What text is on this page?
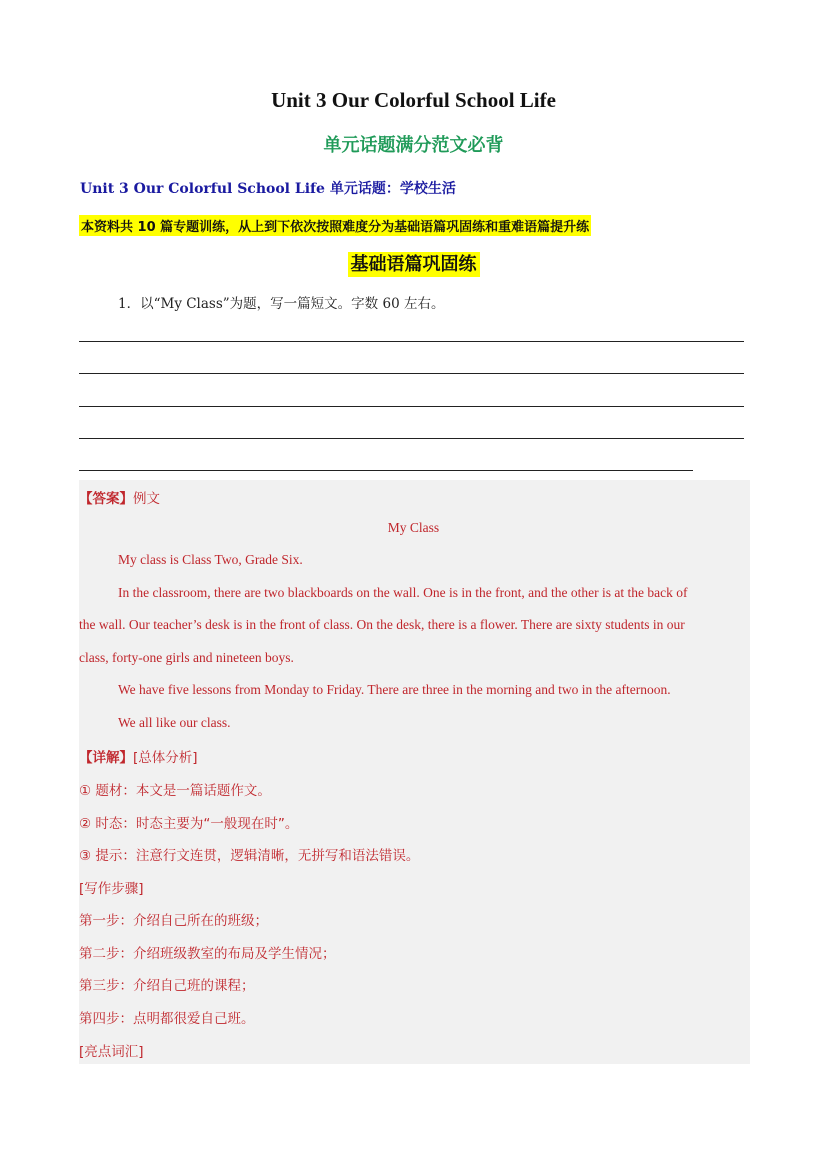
Unit 3 Our Colorful School Life
单元话题满分范文必背
Unit 3 Our Colorful School Life 单元话题：学校生活
本资料共 10 篇专题训练，从上到下依次按照难度分为基础语篇巩固练和重难语篇提升练
基础语篇巩固练
1．以“My Class”为题，写一篇短文。字数 60 左右。
【答案】例文
My Class
My class is Class Two, Grade Six.
In the classroom, there are two blackboards on the wall. One is in the front, and the other is at the back of
the wall. Our teacher’s desk is in the front of class. On the desk, there is a flower. There are sixty students in our
class, forty-one girls and nineteen boys.
We have five lessons from Monday to Friday. There are three in the morning and two in the afternoon.
We all like our class.
【详解】[总体分析]
① 题材：本文是一篇话题作文。
② 时态：时态主要为“一般现在时”。
③ 提示：注意行文连贯，逻辑清晰，无拼写和语法错误。
[写作步骤]
第一步：介绍自己所在的班级；
第二步：介绍班级教室的布局及学生情况；
第三步：介绍自己班的课程；
第四步：点明都很爱自己班。
[亮点词汇]
